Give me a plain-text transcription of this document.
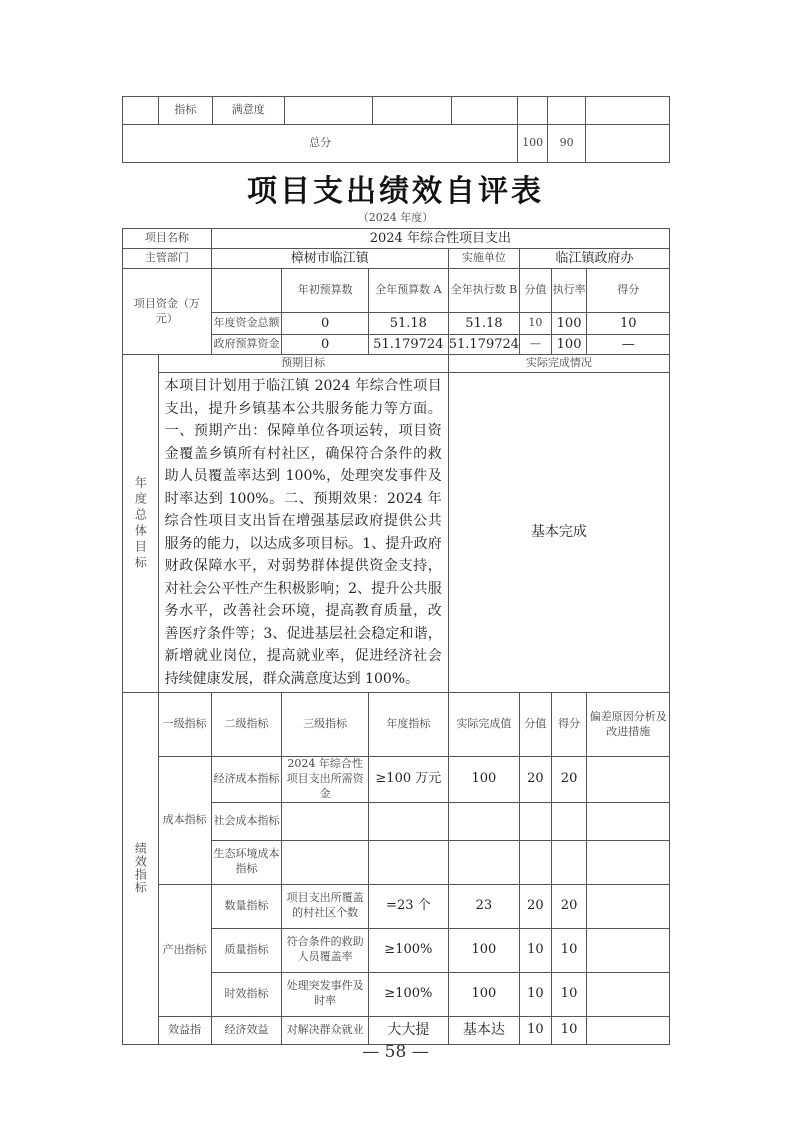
	指标	满意度						
总分						100	90	
项目支出绩效自评表
（2024 年度）
项目名称		2024 年综合性项目支出						
主管部门		樟树市临江镇			实施单位	临江镇政府办		
项目资金（万元）			年初预算数	全年预算数 A	全年执行数 B	分值	执行率	得分
		年度资金总额	0	51.18	51.18	10	100	10
		政府预算资金	0	51.179724	51.179724	—	100	—

年度总体目标	预期目标				实际完成情况			
	本项目计划用于临江镇 2024 年综合性项目支出，提升乡镇基本公共服务能力等方面。一、预期产出：保障单位各项运转，项目资金覆盖乡镇所有村社区，确保符合条件的救助人员覆盖率达到 100%，处理突发事件及时率达到 100%。二、预期效果：2024 年综合性项目支出旨在增强基层政府提供公共服务的能力，以达成多项目标。1、提升政府财政保障水平，对弱势群体提供资金支持，对社会公平性产生积极影响；2、提升公共服务水平，改善社会环境，提高教育质量，改善医疗条件等；3、促进基层社会稳定和谐，新增就业岗位，提高就业率，促进经济社会持续健康发展，群众满意度达到 100%。				基本完成			

绩效指标	一级指标	二级指标	三级指标	年度指标	实际完成值	分值	得分	偏差原因分析及改进措施
	成本指标	经济成本指标	2024 年综合性项目支出所需资金	≥100 万元	100	20	20	
		社会成本指标						
		生态环境成本指标						
	产出指标	数量指标	项目支出所覆盖的村社区个数	=23 个	23	20	20	
		质量指标	符合条件的救助人员覆盖率	≥100%	100	10	10	
		时效指标	处理突发事件及时率	≥100%	100	10	10	
	效益指	经济效益	对解决群众就业	大大提	基本达	10	10	
— 58 —
